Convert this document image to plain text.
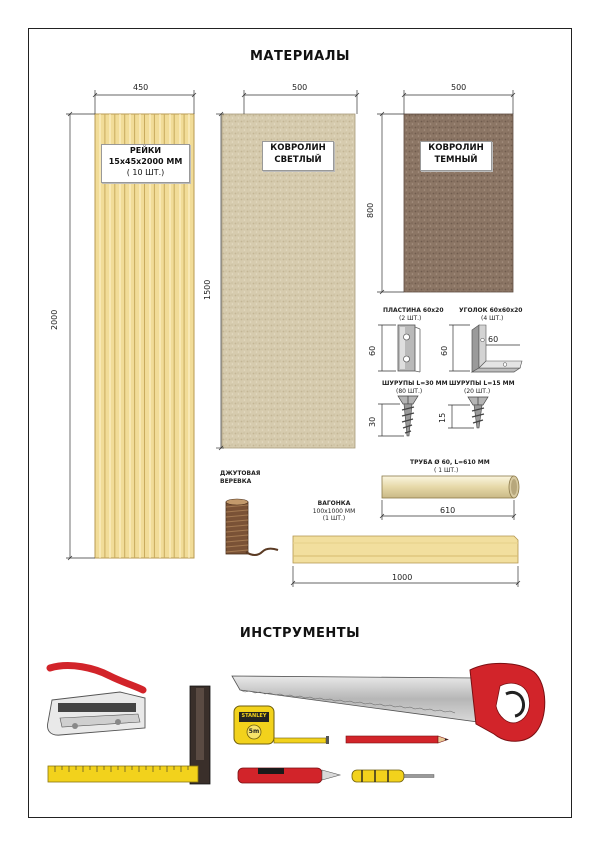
МАТЕРИАЛЫ
ИНСТРУМЕНТЫ
РЕЙКИ
15x45x2000 ММ
( 10 ШТ.)
КОВРОЛИН
СВЕТЛЫЙ
КОВРОЛИН
ТЕМНЫЙ
450
2000
500
1500
500
800
ПЛАСТИНА 60x20
(2 ШТ.)
60
УГОЛОК 60x60x20
(4 ШТ.)
60
60
ШУРУПЫ L=30 ММ
(80 ШТ.)
30
ШУРУПЫ L=15 ММ
(20 ШТ.)
15
ДЖУТОВАЯ
ВЕРЕВКА
ТРУБА Ø 60, L=610 ММ
( 1 ШТ.)
610
ВАГОНКА
100x1000 ММ
(1 ШТ.)
1000
STANLEY
5m
